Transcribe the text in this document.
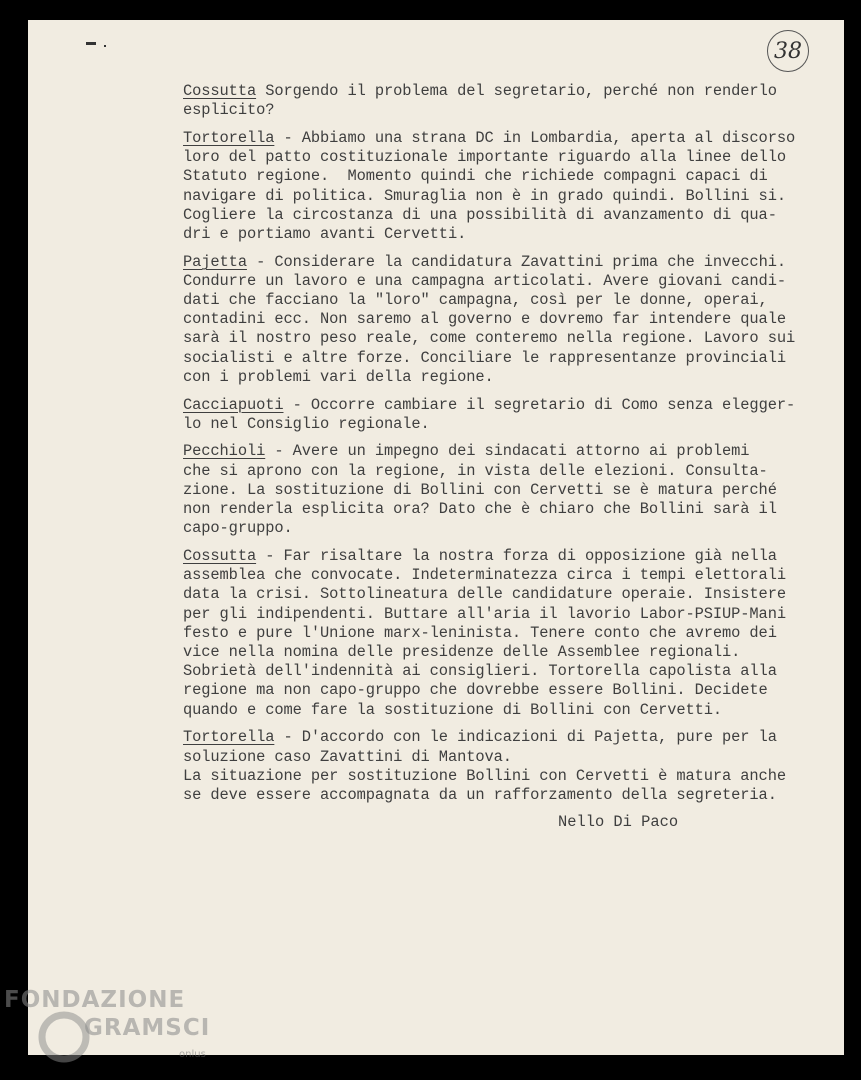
38
Cossutta Sorgendo il problema del segretario, perché non renderlo
esplicito?
Tortorella - Abbiamo una strana DC in Lombardia, aperta al discorso
loro del patto costituzionale importante riguardo alla linee dello
Statuto regione.  Momento quindi che richiede compagni capaci di
navigare di politica. Smuraglia non è in grado quindi. Bollini si.
Cogliere la circostanza di una possibilità di avanzamento di qua-
dri e portiamo avanti Cervetti.
Pajetta - Considerare la candidatura Zavattini prima che invecchi.
Condurre un lavoro e una campagna articolati. Avere giovani candi-
dati che facciano la "loro" campagna, così per le donne, operai,
contadini ecc. Non saremo al governo e dovremo far intendere quale
sarà il nostro peso reale, come conteremo nella regione. Lavoro sui
socialisti e altre forze. Conciliare le rappresentanze provinciali
con i problemi vari della regione.
Cacciapuoti - Occorre cambiare il segretario di Como senza elegger-
lo nel Consiglio regionale.
Pecchioli - Avere un impegno dei sindacati attorno ai problemi
che si aprono con la regione, in vista delle elezioni. Consulta-
zione. La sostituzione di Bollini con Cervetti se è matura perché
non renderla esplicita ora? Dato che è chiaro che Bollini sarà il
capo-gruppo.
Cossutta - Far risaltare la nostra forza di opposizione già nella
assemblea che convocate. Indeterminatezza circa i tempi elettorali
data la crisi. Sottolineatura delle candidature operaie. Insistere
per gli indipendenti. Buttare all'aria il lavorio Labor-PSIUP-Mani
festo e pure l'Unione marx-leninista. Tenere conto che avremo dei
vice nella nomina delle presidenze delle Assemblee regionali.
Sobrietà dell'indennità ai consiglieri. Tortorella capolista alla
regione ma non capo-gruppo che dovrebbe essere Bollini. Decidete
quando e come fare la sostituzione di Bollini con Cervetti.
Tortorella - D'accordo con le indicazioni di Pajetta, pure per la
soluzione caso Zavattini di Mantova.
La situazione per sostituzione Bollini con Cervetti è matura anche
se deve essere accompagnata da un rafforzamento della segreteria.
Nello Di Paco
FONDAZIONE
GRAMSCI
onlus
